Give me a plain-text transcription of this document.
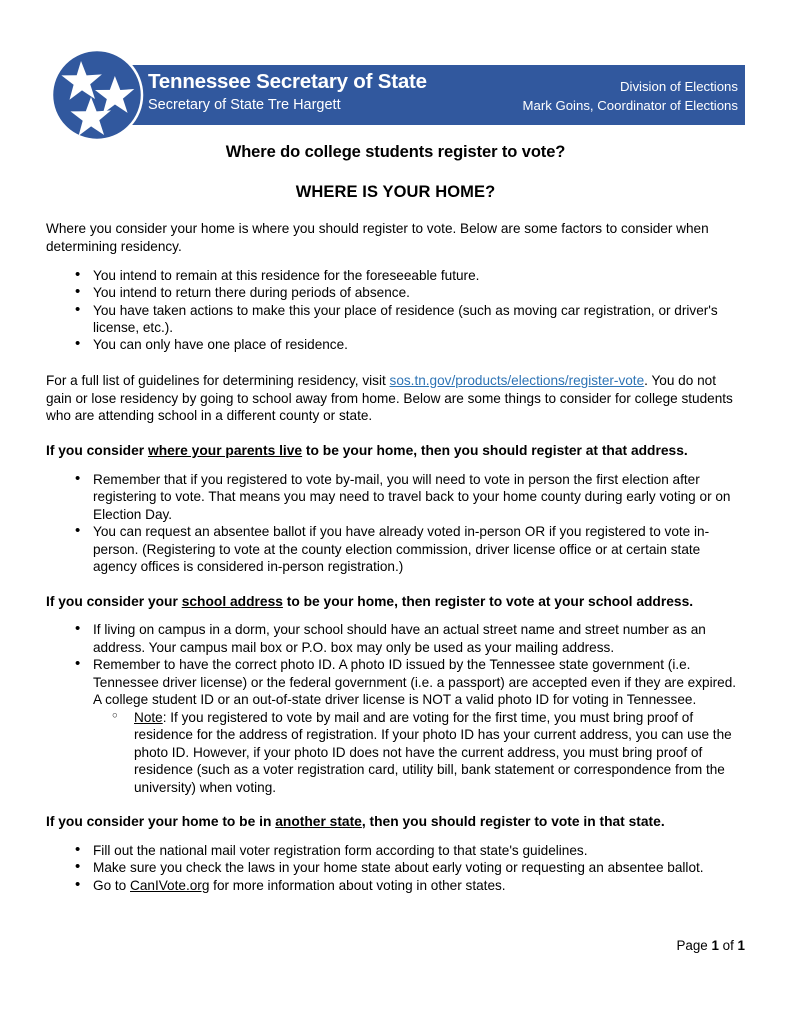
Tennessee Secretary of State
Secretary of State Tre Hargett
Division of Elections
Mark Goins, Coordinator of Elections
Where do college students register to vote?
WHERE IS YOUR HOME?

Where you consider your home is where you should register to vote. Below are some factors to consider when determining residency.

• You intend to remain at this residence for the foreseeable future.
• You intend to return there during periods of absence.
• You have taken actions to make this your place of residence (such as moving car registration, or driver's license, etc.).
• You can only have one place of residence.

For a full list of guidelines for determining residency, visit sos.tn.gov/products/elections/register-vote. You do not gain or lose residency by going to school away from home. Below are some things to consider for college students who are attending school in a different county or state.

If you consider where your parents live to be your home, then you should register at that address.
• Remember that if you registered to vote by-mail, you will need to vote in person the first election after registering to vote. That means you may need to travel back to your home county during early voting or on Election Day.
• You can request an absentee ballot if you have already voted in-person OR if you registered to vote in-person. (Registering to vote at the county election commission, driver license office or at certain state agency offices is considered in-person registration.)
If you consider your school address to be your home, then register to vote at your school address.
• If living on campus in a dorm, your school should have an actual street name and street number as an address. Your campus mail box or P.O. box may only be used as your mailing address.
• Remember to have the correct photo ID. A photo ID issued by the Tennessee state government (i.e. Tennessee driver license) or the federal government (i.e. a passport) are accepted even if they are expired. A college student ID or an out-of-state driver license is NOT a valid photo ID for voting in Tennessee.
○ Note: If you registered to vote by mail and are voting for the first time, you must bring proof of residence for the address of registration. If your photo ID has your current address, you can use the photo ID. However, if your photo ID does not have the current address, you must bring proof of residence (such as a voter registration card, utility bill, bank statement or correspondence from the university) when voting.
If you consider your home to be in another state, then you should register to vote in that state.
• Fill out the national mail voter registration form according to that state's guidelines.
• Make sure you check the laws in your home state about early voting or requesting an absentee ballot.
• Go to CanIVote.org for more information about voting in other states.
Page 1 of 1
